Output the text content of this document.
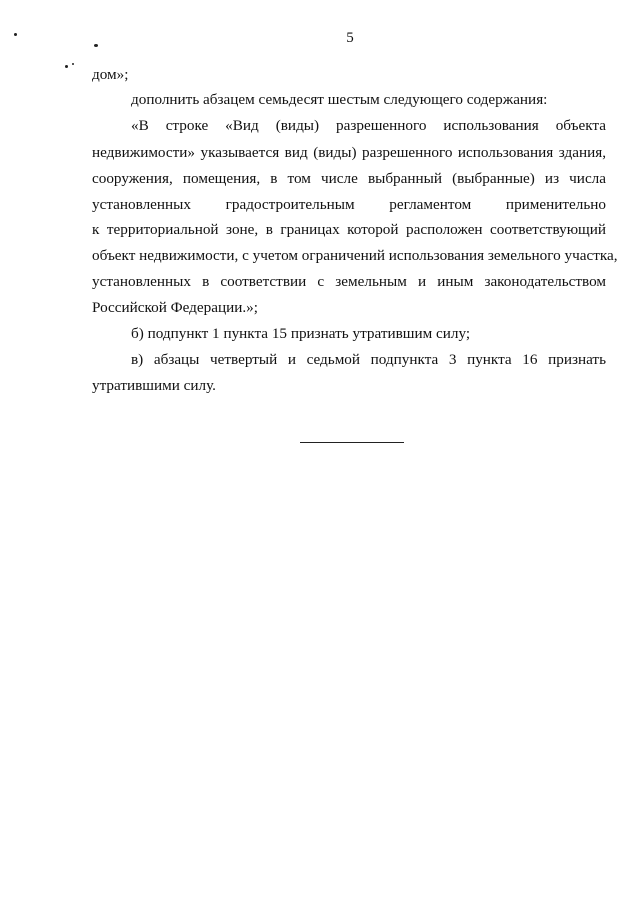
5
дом»;
дополнить абзацем семьдесят шестым следующего содержания:
«В строке «Вид (виды) разрешенного использования объекта
недвижимости» указывается вид (виды) разрешенного использования здания,
сооружения, помещения, в том числе выбранный (выбранные) из числа
установленных градостроительным регламентом применительно
к территориальной зоне, в границах которой расположен соответствующий
объект недвижимости, с учетом ограничений использования земельного участка,
установленных в соответствии с земельным и иным законодательством
Российской Федерации.»;
б) подпункт 1 пункта 15 признать утратившим силу;
в) абзацы четвертый и седьмой подпункта 3 пункта 16 признать
утратившими силу.
